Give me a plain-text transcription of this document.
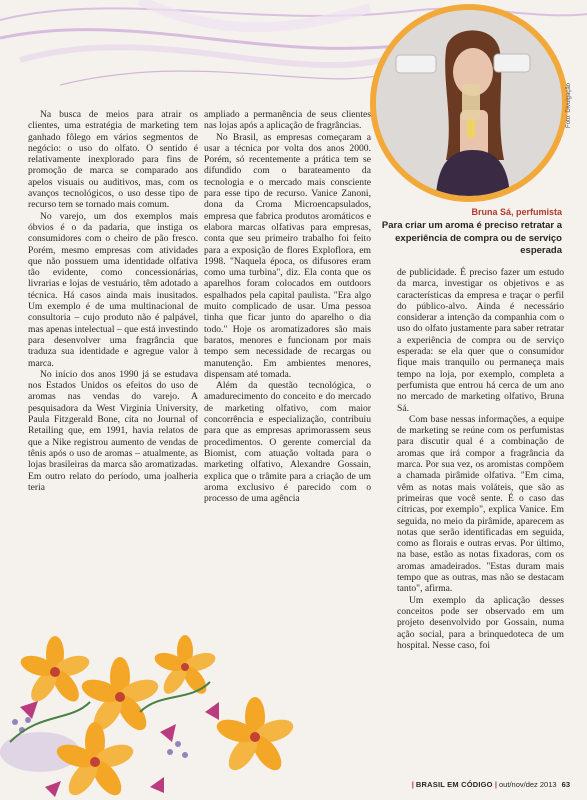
Foto: Divulgação
Bruna Sá, perfumista
Para criar um aroma é preciso retratar a experiência de compra ou de serviço esperada

Na busca de meios para atrair os clientes, uma estratégia de marketing tem ganhado fôlego em vários segmentos de negócio: o uso do olfato. O sentido é relativamente inexplorado para fins de promoção de marca se comparado aos apelos visuais ou auditivos, mas, com os avanços tecnológicos, o uso desse tipo de recurso tem se tornado mais comum.

No varejo, um dos exemplos mais óbvios é o da padaria, que instiga os consumidores com o cheiro de pão fresco. Porém, mesmo empresas com atividades que não possuem uma identidade olfativa tão evidente, como concessionárias, livrarias e lojas de vestuário, têm adotado a técnica. Há casos ainda mais inusitados. Um exemplo é de uma multinacional de consultoria – cujo produto não é palpável, mas apenas intelectual – que está investindo para desenvolver uma fragrância que traduza sua identidade e agregue valor à marca.

No início dos anos 1990 já se estudava nos Estados Unidos os efeitos do uso de aromas nas vendas do varejo. A pesquisadora da West Virginia University, Paula Fitzgerald Bone, cita no Journal of Retailing que, em 1991, havia relatos de que a Nike registrou aumento de vendas de tênis após o uso de aromas – atualmente, as lojas brasileiras da marca são aromatizadas. Em outro relato do período, uma joalheria teria

ampliado a permanência de seus clientes nas lojas após a aplicação de fragrâncias.

No Brasil, as empresas começaram a usar a técnica por volta dos anos 2000. Porém, só recentemente a prática tem se difundido com o barateamento da tecnologia e o mercado mais consciente para esse tipo de recurso. Vanice Zanoni, dona da Croma Microencapsulados, empresa que fabrica produtos aromáticos e elabora marcas olfativas para empresas, conta que seu primeiro trabalho foi feito para a exposição de flores Exploflora, em 1998. "Naquela época, os difusores eram como uma turbina", diz. Ela conta que os aparelhos foram colocados em outdoors espalhados pela capital paulista. "Era algo muito complicado de usar. Uma pessoa tinha que ficar junto do aparelho o dia todo." Hoje os aromatizadores são mais baratos, menores e funcionam por mais tempo sem necessidade de recargas ou manutenção. Em ambientes menores, dispensam até tomada.

Além da questão tecnológica, o amadurecimento do conceito e do mercado de marketing olfativo, com maior concorrência e especialização, contribuiu para que as empresas aprimorassem seus procedimentos. O gerente comercial da Biomist, com atuação voltada para o marketing olfativo, Alexandre Gossain, explica que o trâmite para a criação de um aroma exclusivo é parecido com o processo de uma agência

de publicidade. É preciso fazer um estudo da marca, investigar os objetivos e as características da empresa e traçar o perfil do público-alvo. Ainda é necessário considerar a intenção da companhia com o uso do olfato justamente para saber retratar a experiência de compra ou de serviço esperada: se ela quer que o consumidor fique mais tranquilo ou permaneça mais tempo na loja, por exemplo, completa a perfumista que entrou há cerca de um ano no mercado de marketing olfativo, Bruna Sá.

Com base nessas informações, a equipe de marketing se reúne com os perfumistas para discutir qual é a combinação de aromas que irá compor a fragrância da marca. Por sua vez, os aromistas compõem a chamada pirâmide olfativa. "Em cima, vêm as notas mais voláteis, que são as primeiras que você sente. É o caso das cítricas, por exemplo", explica Vanice. Em seguida, no meio da pirâmide, aparecem as notas que serão identificadas em seguida, como as florais e outras ervas. Por último, na base, estão as notas fixadoras, com os aromas amadeirados. "Estas duram mais tempo que as outras, mas não se destacam tanto", afirma.

Um exemplo da aplicação desses conceitos pode ser observado em um projeto desenvolvido por Gossain, numa ação social, para a brinquedoteca de um hospital. Nesse caso, foi

| BRASIL EM CÓDIGO | out/nov/dez 2013 63
